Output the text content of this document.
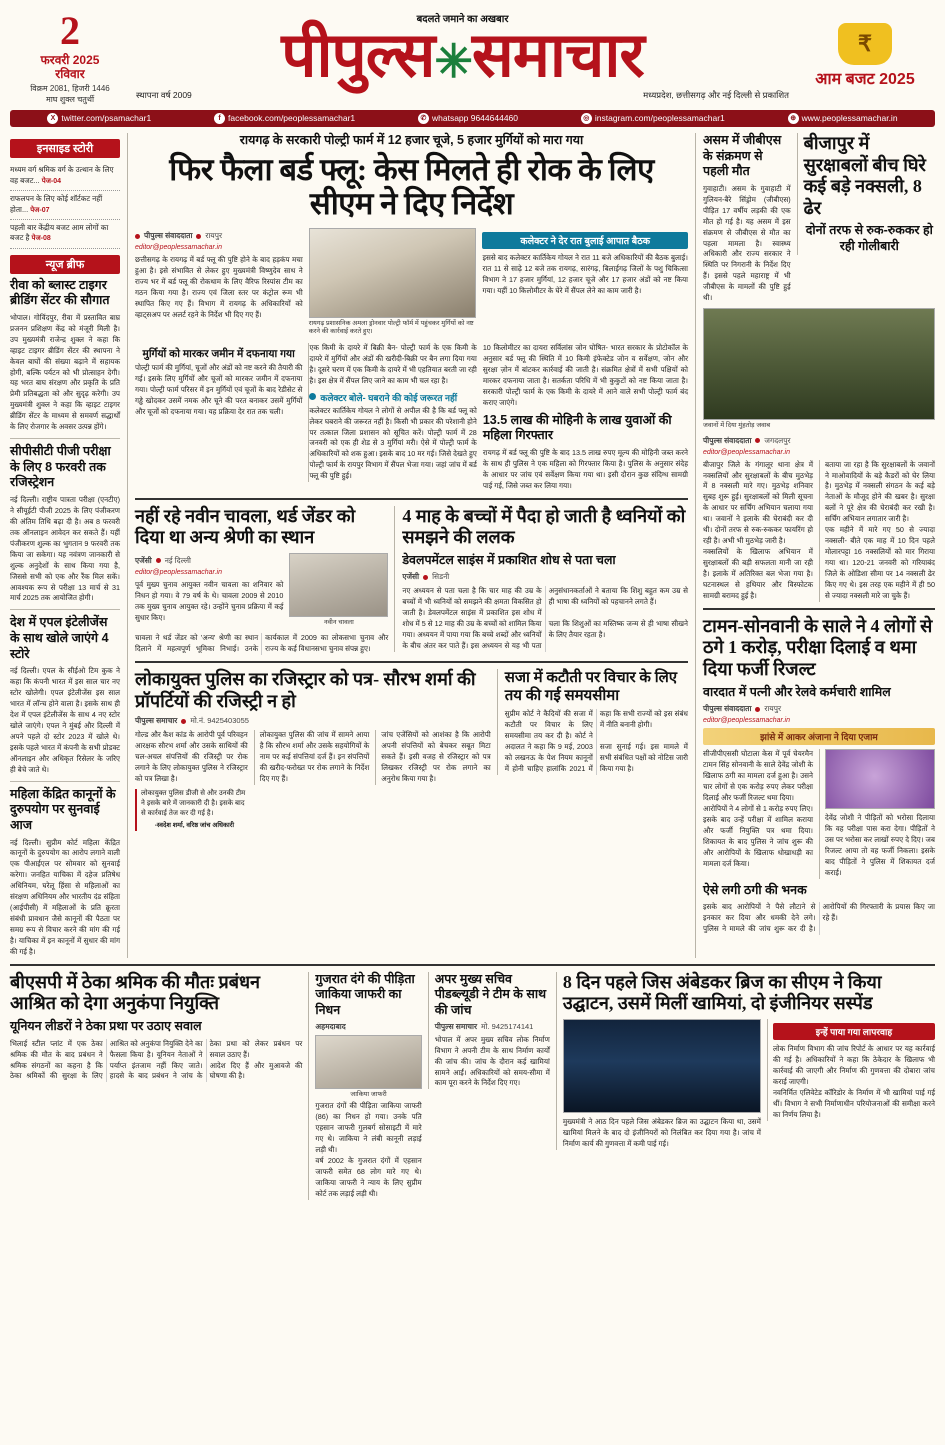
2
फरवरी 2025
रविवार
विक्रम 2081, हिजरी 1446
माघ शुक्ल चतुर्थी
बदलते जमाने का अखबार
पीपुल्स✳समाचार
स्थापना वर्ष 2009	मध्यप्रदेश, छत्तीसगढ़ और नई दिल्ली से प्रकाशित
₹
आम बजट 2025
X twitter.com/psamachar1	f facebook.com/peoplessamachar1	✆ whatsapp 9644644460	◎ instagram.com/peoplessamachar1	⊕ www.peoplessamachar.in
इनसाइड स्टोरी
मध्यम वर्ग श्रमिक वर्ग के उत्थान के लिए वह बजट... पेज-04
राफलपन के लिए कोई शॉर्टकट नहीं होता... पेज-07
पहली बार केंद्रीय बजट आम लोगों का बजट है पेज-08
न्यूज ब्रीफ
रीवा को ब्लास्ट टाइगर ब्रीडिंग सेंटर की सौगात
भोपाल। गोविंदपुर, रीवा में प्रस्तावित बाघ्र प्रजनन प्रशिक्षण केंद्र को मंजूरी मिली है। उप मुख्यमंत्री राजेन्द्र शुक्ल ने कहा कि व्हाइट टाइगर ब्रीडिंग सेंटर की स्थापना ने केवल बाघों की संख्या बढ़ाने में सहायक होगी, बल्कि पर्यटन को भी प्रोत्साहन देगी। यह भरत बाघ संरक्षण और प्रकृति के प्रति प्रेमी प्रतिबद्धता को और सुदृढ़ करेगी। उप मुख्यमंत्री शुक्ल ने कहा कि व्हाइट टाइगर ब्रीडिंग सेंटर के माध्यम से समवर्ण सद्धार्थों के लिए रोजगार के अवसर उत्पन्न होंगे।
सीपीसीटी पीजी परीक्षा के लिए 8 फरवरी तक रजिस्ट्रेशन
नई दिल्ली। राष्ट्रीय पात्रता परीक्षा (एनटीए) ने सीयूईटी पीजी 2025 के लिए पंजीकरण की अंतिम तिथि बढ़ा दी है। अब 8 फरवरी तक ऑनलाइन आवेदन कर सकते हैं। यहीं पंजीकरण शुल्क का भुगतान 9 फरवरी तक किया जा सकेगा। यह नवंत्रण जानकारी से शुल्क अनुदेशों के साथ किया गया है, जिससे सभी को एक और रैंक मिल सकें। आवश्यक रूप से परीक्षा 13 मार्च से 31 मार्च 2025 तक आयोजित होगी।
देश में एपल इंटेलीजेंस के साथ खोले जाएंगे 4 स्टोरे
नई दिल्ली। एपल के सीईओ टिम कुक ने कहा कि कंपनी भारत में इस साल चार नए स्टोर खोलेगी। एपल इंटेलीजेंस इस साल भारत में लॉन्च होने वाला है। इसके साथ ही देश में एपल इंटेलीजेंस के साथ 4 नए स्टोर खोले जाएंगे। एपल ने मुंबई और दिल्ली में अपने पहले दो स्टोर 2023 में खोले थे। इसके पहले भारत में कंपनी के सभी प्रोडक्ट ऑनलाइन और अधिकृत रिसेलर के जरिए ही बेचे जाते थे।
महिला केंद्रित कानूनों के दुरुपयोग पर सुनवाई आज
नई दिल्ली। सुप्रीम कोर्ट महिला केंद्रित कानूनों के दुरुपयोग का आरोप लगाने वाली एक पीआईएल पर सोमवार को सुनवाई करेगा। जनहित याचिका में दहेज प्रतिषेध अधिनियम, घरेलू हिंसा से महिलाओं का संरक्षण अधिनियम और भारतीय दंड संहिता (आईपीसी) में महिलाओं के प्रति क्रूरता संबंधी प्रावधान जैसे कानूनों की पैठता पर समग्र रूप से विचार करने की मांग की गई है। याचिका में इन कानूनों में सुधार की मांग की गई है।
रायगढ़ के सरकारी पोल्ट्री फार्म में 12 हजार चूजे, 5 हजार मुर्गियों को मारा गया
फिर फैला बर्ड फ्लू: केस मिलते ही रोक के लिए सीएम ने दिए निर्देश
पीपुल्स संवाददाता रायपुर
editor@peoplessamachar.in
छत्तीसगढ़ के रायगढ़ में बर्ड फ्लू की पुष्टि होने के बाद हड़कंप मचा हुआ है। इसे संभावित से लेकर हुए मुख्यमंत्री विष्णुदेव साथ ने राज्य भर में बर्ड फ्लू की रोकथाम के लिए वैरिफ रिस्पांस टीम का गठन किया गया है। राज्य एवं जिला स्तर पर कंट्रोल रूम भी स्थापित किए गए हैं। विभाग में रायगढ़ के अधिकारियों को व्हाट्सअप पर अलर्ट रहने के निर्देश भी दिए गए हैं।
रायगढ़ प्रशासनिक अमला ड्रोनवार पोल्ट्री फॉर्म में पहुंचकर मुर्गियों को नष्ट करने की कार्रवाई करते हुए।
कलेक्टर ने देर रात बुलाई आपात बैठक
इससे बाद कलेक्टर कार्तिकेय गोयल ने रात 11 बजे अधिकारियों की बैठक बुलाई। रात 11 से साढ़े 12 बजे तक रायगढ़, सारंगढ़, बिलाईगढ़ जिलों के पशु चिकित्सा विभाग ने 17 हजार मुर्गियां, 12 हजार चूजे और 17 हजार अंडों को नष्ट किया गया। यहीं 10 किलोमीटर के घेरे में सैंपल लेने का काम जारी है।
मुर्गियों को मारकर जमीन में दफनाया गया
पोल्ट्री फार्म की मुर्गियां, चूजों और अंडों को नष्ट करने की तैयारी की गई। इसके लिए मुर्गियों और चूजों को मारकर जमीन में दफनाया गया। पोल्ट्री फार्म परिसर में इन मुर्गियों एवं चूजों के बाद रेडीसेट से गड्ढे खोदकर उसमें नमक और चूने की परत बनाकर उसमें मुर्गियों और चूजों को दफनाया गया। यह प्रक्रिया देर रात तक चली।
एक किमी के दायरे में बिक्री बैन- पोल्ट्री फार्म के एक किमी के दायरे में मुर्गियों और अंडों की खरीदी-बिक्री पर बैन लगा दिया गया है। दूसरे चरण में एक किमी के दायरे में भी एहतियात बरती जा रही है। इस क्षेत्र में सैंपल लिए जाने का काम भी चल रहा है।
कलेक्टर बोले- घबराने की कोई जरूरत नहीं
कलेक्टर कार्तिकेय गोयल ने लोगों से अपील की है कि बर्ड फ्लू को लेकर घबराने की जरूरत नहीं है। किसी भी प्रकार की परेशानी होने पर तत्काल जिला प्रशासन को सूचित करें। पोल्ट्री फार्म में 28 जनवरी को एक ही शेड से 3 मुर्गियां मरी। ऐसे में पोल्ट्री फार्म के अधिकारियों को शक हुआ। इसके बाद 10 मर गई। जिसे देखते हुए पोल्ट्री फार्म के रायपुर विभाग में सैंपल भेजा गया। जहां जांच में बर्ड फ्लू की पुष्टि हुई।
10 किलोमीटर का दायरा सर्विलांस जोन घोषित- भारत सरकार के प्रोटोकॉल के अनुसार बर्ड फ्लू की स्थिति में 10 किमी इंफेक्टेड जोन व सर्वेक्षण, जोन और सुरक्षा ज़ोन में बांटकर कार्रवाई की जाती है। संक्रमित क्षेत्रों में सभी पक्षियों को मारकर दफनाया जाता है। सतर्कता परिधि में भी कुकुटों को नष्ट किया जाता है। सरकारी पोल्ट्री फार्म के एक किमी के दायरे में आने वाले सभी पोल्ट्री फार्म बंद कराए जाएंगे।
13.5 लाख की मोहिनी के लाख युवाओं की महिला गिरफ्तार
रायगढ़ में बर्ड फ्लू की पुष्टि के बाद 13.5 लाख रुपए मूल्य की मोहिनी जब्त करने के साथ ही पुलिस ने एक महिला को गिरफ्तार किया है। पुलिस के अनुसार संदेह के आधार पर जांच एवं सर्वेक्षण किया गया था। इसी दौरान कुछ संदिग्ध सामग्री पाई गई, जिसे जब्त कर लिया गया।
नहीं रहे नवीन चावला, थर्ड जेंडर को दिया था अन्य श्रेणी का स्थान
एजेंसी नई दिल्ली
editor@peoplessamachar.in
पूर्व मुख्य चुनाव आयुक्त नवीन चावला का शनिवार को निधन हो गया। वे 79 वर्ष के थे। चावला 2009 से 2010 तक मुख्य चुनाव आयुक्त रहे। उन्होंने चुनाव प्रक्रिया में कई सुधार किए।
नवीन चावला
चावला ने थर्ड जेंडर को 'अन्य' श्रेणी का स्थान दिलाने में महत्वपूर्ण भूमिका निभाई। उनके कार्यकाल में 2009 का लोकसभा चुनाव और राज्य के कई विधानसभा चुनाव संपन्न हुए।
4 माह के बच्चों में पैदा हो जाती है ध्वनियों को समझने की ललक
डेवलपमेंटल साइंस में प्रकाशित शोध से पता चला
एजेंसी सिडनी
नए अध्ययन से पता चला है कि चार माह की उम्र के बच्चों में भी ध्वनियों को समझने की क्षमता विकसित हो जाती है। डेवलपमेंटल साइंस में प्रकाशित इस शोध में अनुसंधानकर्ताओं ने बताया कि शिशु बहुत कम उम्र से ही भाषा की ध्वनियों को पहचानने लगते हैं।
शोध में 5 से 12 माह की उम्र के बच्चों को शामिल किया गया। अध्ययन में पाया गया कि बच्चे शब्दों और ध्वनियों के बीच अंतर कर पाते हैं। इस अध्ययन से यह भी पता चला कि शिशुओं का मस्तिष्क जन्म से ही भाषा सीखने के लिए तैयार रहता है।
लोकायुक्त पुलिस का रजिस्ट्रार को पत्र- सौरभ शर्मा की प्रॉपर्टियों की रजिस्ट्री न हो
पीपुल्स समाचार मो.नं. 9425403055
गोल्ड और कैश कांड के आरोपी पूर्व परिवहन आरक्षक सौरभ शर्मा और उसके साथियों की चल-अचल संपत्तियों की रजिस्ट्री पर रोक लगाने के लिए लोकायुक्त पुलिस ने रजिस्ट्रार को पत्र लिखा है।
लोकायुक्त पुलिस डीजी से और उनकी टीम ने इसके बारे में जानकारी दी है। इसके बाद से कार्रवाई तेज कर दी गई है।
-स्वदेश शर्मा, वरिष्ठ जांच अधिकारी
लोकायुक्त पुलिस की जांच में सामने आया है कि सौरभ शर्मा और उसके सहयोगियों के नाम पर कई संपत्तियां दर्ज हैं। इन संपत्तियों की खरीद-फरोख्त पर रोक लगाने के निर्देश दिए गए हैं।
जांच एजेंसियों को आशंका है कि आरोपी अपनी संपत्तियों को बेचकर सबूत मिटा सकते हैं। इसी वजह से रजिस्ट्रार को पत्र लिखकर रजिस्ट्री पर रोक लगाने का अनुरोध किया गया है।
सजा में कटौती पर विचार के लिए तय की गई समयसीमा
सुप्रीम कोर्ट ने कैदियों की सजा में कटौती पर विचार के लिए समयसीमा तय कर दी है। कोर्ट ने कहा कि सभी राज्यों को इस संबंध में नीति बनानी होगी।
अदालत ने कहा कि 9 मई, 2003 को लखनऊ के पेश नियम कानूनों में होनी चाहिए हालांकि 2021 में सजा सुनाई गई। इस मामले में सभी संबंधित पक्षों को नोटिस जारी किया गया है।
असम में जीबीएस के संक्रमण से पहली मौत
गुवाहाटी। असम के गुवाहाटी में गुलियन-बैरे सिंड्रोम (जीबीएस) पीड़ित 17 वर्षीय लड़की की एक मौत हो गई है। यह असम में इस संक्रमण से जीबीएस से मौत का पहला मामला है। स्वास्थ्य अधिकारी और राज्य सरकार ने स्थिति पर निगरानी के निर्देश दिए हैं। इससे पहले महाराष्ट्र में भी जीबीएस के मामलों की पुष्टि हुई थी।
बीजापुर में सुरक्षाबलों बीच घिरे कई बड़े नक्सली, 8 ढेर
दोनों तरफ से रुक-रुककर हो रही गोलीबारी
जवानों में दिया मुंहतोड़ जवाब
पीपुल्स संवाददाता जगदलपुर
editor@peoplessamachar.in
बीजापुर जिले के गंगालूर थाना क्षेत्र में नक्सलियों और सुरक्षाबलों के बीच मुठभेड़ में 8 नक्सली मारे गए। मुठभेड़ शनिवार सुबह शुरू हुई। सुरक्षाबलों को मिली सूचना के आधार पर सर्चिंग अभियान चलाया गया था। जवानों ने इलाके की घेराबंदी कर दी थी। दोनों तरफ से रुक-रुककर फायरिंग हो रही है। अभी भी मुठभेड़ जारी है।
नक्सलियों के खिलाफ अभियान में सुरक्षाबलों की बड़ी सफलता मानी जा रही है। इलाके में अतिरिक्त बल भेजा गया है। घटनास्थल से हथियार और विस्फोटक सामग्री बरामद हुई है।
बताया जा रहा है कि सुरक्षाबलों के जवानों ने माओवादियों के बड़े कैडरों को घेर लिया है। मुठभेड़ में नक्सली संगठन के कई बड़े नेताओं के मौजूद होने की खबर है। सुरक्षा बलों ने पूरे क्षेत्र की घेराबंदी कर रखी है। सर्चिंग अभियान लगातार जारी है।
एक महीने में मारे गए 50 से ज्यादा नक्सली- बीते एक माह में 10 दिन पहले मोलारपट्टा 16 नक्सलियों को मार गिराया गया था। 120-21 जनवरी को गरियाबंद जिले के ओडिशा सीमा पर 14 नक्सली ढेर किए गए थे। इस तरह एक महीने में ही 50 से ज्यादा नक्सली मारे जा चुके हैं।
टामन-सोनवानी के साले ने 4 लोगों से ठगे 1 करोड़, परीक्षा दिलाई व थमा दिया फर्जी रिजल्ट
वारदात में पत्नी और रेलवे कर्मचारी शामिल
पीपुल्स संवाददाता रायपुर
editor@peoplessamachar.in
झांसे में आकर अंजाना ने दिया एजाम
सीजीपीएससी घोटाला केस में पूर्व चेयरमैन टामन सिंह सोनवानी के साले देवेंद्र जोशी के खिलाफ ठगी का मामला दर्ज हुआ है। उसने चार लोगों से एक करोड़ रुपए लेकर परीक्षा दिलाई और फर्जी रिजल्ट थमा दिया।
आरोपियों ने 4 लोगों से 1 करोड़ रुपए लिए। इसके बाद उन्हें परीक्षा में शामिल कराया और फर्जी नियुक्ति पत्र थमा दिया। शिकायत के बाद पुलिस ने जांच शुरू की और आरोपियों के खिलाफ धोखाधड़ी का मामला दर्ज किया।
देवेंद्र जोशी ने पीड़ितों को भरोसा दिलाया कि वह परीक्षा पास करा देगा। पीड़ितों ने उस पर भरोसा कर लाखों रुपए दे दिए। जब रिजल्ट आया तो वह फर्जी निकला। इसके बाद पीड़ितों ने पुलिस में शिकायत दर्ज कराई।
ऐसे लगी ठगी की भनक
इसके बाद आरोपियों ने पैसे लौटाने से इनकार कर दिया और धमकी देने लगे। पुलिस ने मामले की जांच शुरू कर दी है। आरोपियों की गिरफ्तारी के प्रयास किए जा रहे हैं।
बीएसपी में ठेका श्रमिक की मौतः प्रबंधन आश्रित को देगा अनुकंपा नियुक्ति
यूनियन लीडरों ने ठेका प्रथा पर उठाए सवाल
भिलाई स्टील प्लांट में एक ठेका श्रमिक की मौत के बाद प्रबंधन ने आश्रित को अनुकंपा नियुक्ति देने का फैसला किया है। यूनियन नेताओं ने ठेका प्रथा को लेकर प्रबंधन पर सवाल उठाए हैं।
श्रमिक संगठनों का कहना है कि ठेका श्रमिकों की सुरक्षा के लिए पर्याप्त इंतजाम नहीं किए जाते। हादसे के बाद प्रबंधन ने जांच के आदेश दिए हैं और मुआवजे की घोषणा की है।
गुजरात दंगे की पीड़िता जाकिया जाफरी का निधन
अहमदाबाद
जाकिया जाफरी
गुजरात दंगों की पीड़िता जाकिया जाफरी (86) का निधन हो गया। उनके पति एहसान जाफरी गुलबर्ग सोसाइटी में मारे गए थे। जाकिया ने लंबी कानूनी लड़ाई लड़ी थी।
वर्ष 2002 के गुजरात दंगों में एहसान जाफरी समेत 68 लोग मारे गए थे। जाकिया जाफरी ने न्याय के लिए सुप्रीम कोर्ट तक लड़ाई लड़ी थी।
अपर मुख्य सचिव पीडब्ल्यूडी ने टीम के साथ की जांच
पीपुल्स समाचार मो. 9425174141
भोपाल में अपर मुख्य सचिव लोक निर्माण विभाग ने अपनी टीम के साथ निर्माण कार्यों की जांच की। जांच के दौरान कई खामियां सामने आईं। अधिकारियों को समय-सीमा में काम पूरा करने के निर्देश दिए गए।
8 दिन पहले जिस अंबेडकर ब्रिज का सीएम ने किया उद्घाटन, उसमें मिलीं खामियां, दो इंजीनियर सस्पेंड
मुख्यमंत्री ने आठ दिन पहले जिस अंबेडकर ब्रिज का उद्घाटन किया था, उसमें खामियां मिलने के बाद दो इंजीनियरों को निलंबित कर दिया गया है। जांच में निर्माण कार्य की गुणवत्ता में कमी पाई गई।
इन्हें पाया गया लापरवाह
लोक निर्माण विभाग की जांच रिपोर्ट के आधार पर यह कार्रवाई की गई है। अधिकारियों ने कहा कि ठेकेदार के खिलाफ भी कार्रवाई की जाएगी और निर्माण की गुणवत्ता की दोबारा जांच कराई जाएगी।
नवनिर्मित एलिवेटेड कॉरिडोर के निर्माण में भी खामियां पाई गई थीं। विभाग ने सभी निर्माणाधीन परियोजनाओं की समीक्षा करने का निर्णय लिया है।
